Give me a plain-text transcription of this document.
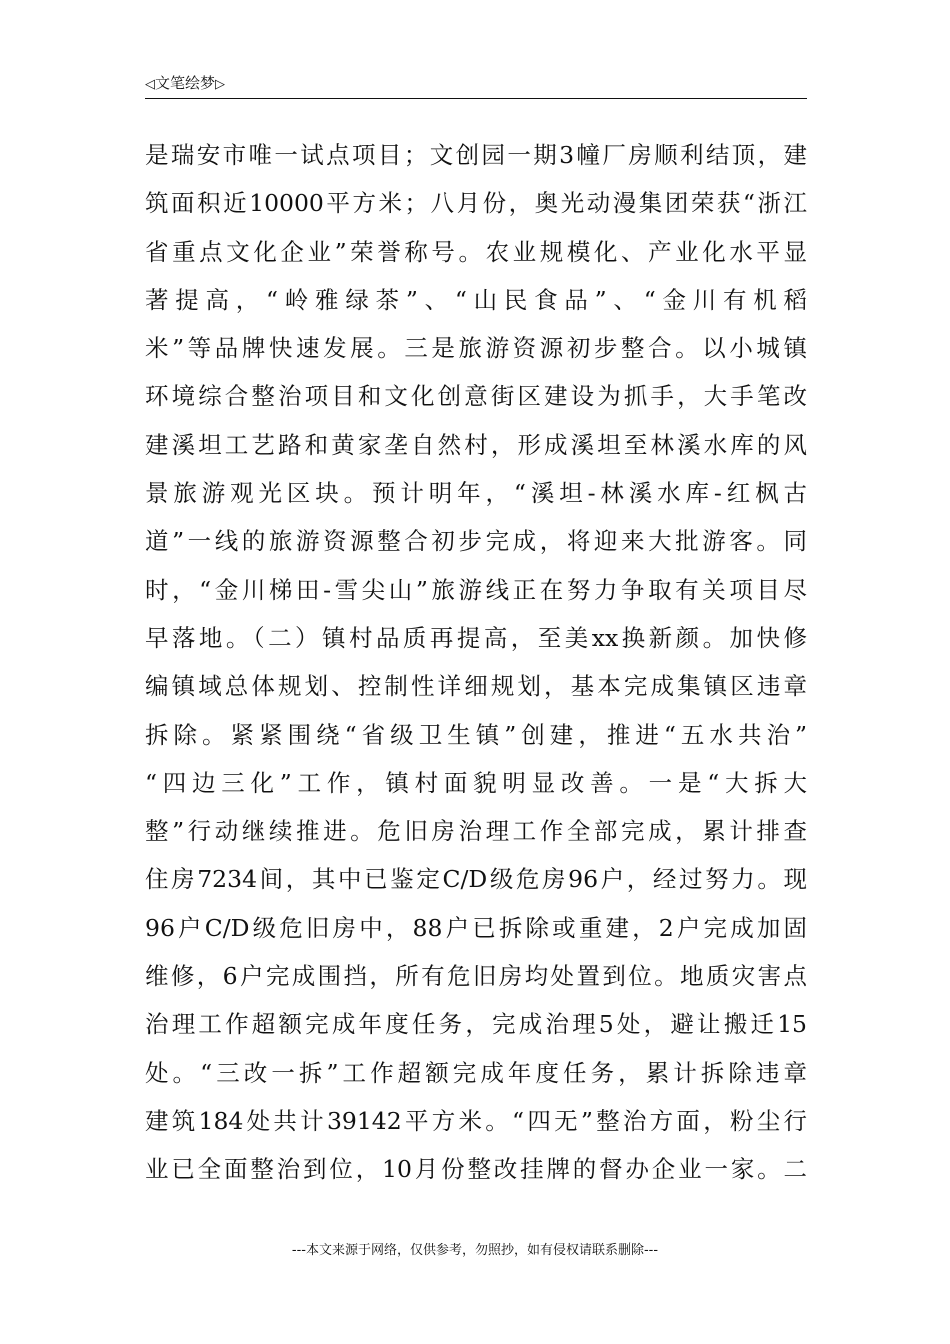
◁文笔绘梦▷
是瑞安市唯一试点项目；文创园一期3幢厂房顺利结顶，建
筑面积近10000平方米；八月份，奥光动漫集团荣获“浙江
省重点文化企业”荣誉称号。农业规模化、产业化水平显
著提高，“岭雅绿茶”、“山民食品”、“金川有机稻
米”等品牌快速发展。三是旅游资源初步整合。以小城镇
环境综合整治项目和文化创意街区建设为抓手，大手笔改
建溪坦工艺路和黄家垄自然村，形成溪坦至林溪水库的风
景旅游观光区块。预计明年，“溪坦-林溪水库-红枫古
道”一线的旅游资源整合初步完成，将迎来大批游客。同
时，“金川梯田-雪尖山”旅游线正在努力争取有关项目尽
早落地。（二）镇村品质再提高，至美xx换新颜。加快修
编镇域总体规划、控制性详细规划，基本完成集镇区违章
拆除。紧紧围绕“省级卫生镇”创建，推进“五水共治”
“四边三化”工作，镇村面貌明显改善。一是“大拆大
整”行动继续推进。危旧房治理工作全部完成，累计排查
住房7234间，其中已鉴定C/D级危房96户，经过努力。现
96户C/D级危旧房中，88户已拆除或重建，2户完成加固
维修，6户完成围挡，所有危旧房均处置到位。地质灾害点
治理工作超额完成年度任务，完成治理5处，避让搬迁15
处。“三改一拆”工作超额完成年度任务，累计拆除违章
建筑184处共计39142平方米。“四无”整治方面，粉尘行
业已全面整治到位，10月份整改挂牌的督办企业一家。二
---本文来源于网络，仅供参考，勿照抄，如有侵权请联系删除---
